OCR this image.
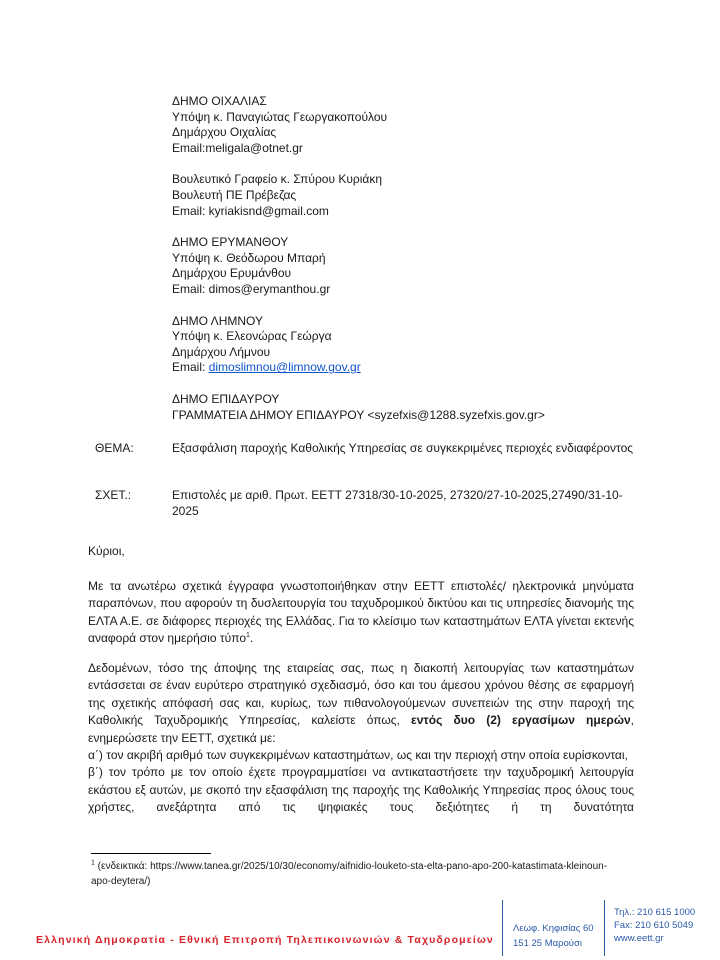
ΔΗΜΟ ΟΙΧΑΛΙΑΣ
Υπόψη κ. Παναγιώτας Γεωργακοπούλου
Δημάρχου Οιχαλίας
Email:meligala@otnet.gr
Βουλευτικό Γραφείο κ. Σπύρου Κυριάκη
Βουλευτή ΠΕ Πρέβεζας
Email: kyriakisnd@gmail.com
ΔΗΜΟ ΕΡΥΜΑΝΘΟΥ
Υπόψη κ. Θεόδωρου Μπαρή
Δημάρχου Ερυμάνθου
Email: dimos@erymanthou.gr
ΔΗΜΟ ΛΗΜΝΟΥ
Υπόψη κ. Ελεονώρας Γεώργα
Δημάρχου Λήμνου
Email: dimoslimnou@limnow.gov.gr
ΔΗΜΟ ΕΠΙΔΑΥΡΟΥ
ΓΡΑΜΜΑΤΕΙΑ ΔΗΜΟΥ ΕΠΙΔΑΥΡΟΥ <syzefxis@1288.syzefxis.gov.gr>
ΘΕΜΑ:	Εξασφάλιση παροχής Καθολικής Υπηρεσίας σε συγκεκριμένες περιοχές ενδιαφέροντος
ΣΧΕΤ.:	Επιστολές με αριθ. Πρωτ. ΕΕΤΤ 27318/30-10-2025, 27320/27-10-2025,27490/31-10-2025
Κύριοι,
Με τα ανωτέρω σχετικά έγγραφα γνωστοποιήθηκαν στην ΕΕΤΤ επιστολές/ ηλεκτρονικά μηνύματα παραπόνων, που αφορούν τη δυσλειτουργία του ταχυδρομικού δικτύου και τις υπηρεσίες διανομής της ΕΛΤΑ Α.Ε. σε διάφορες περιοχές της Ελλάδας. Για το κλείσιμο των καταστημάτων ΕΛΤΑ γίνεται εκτενής αναφορά στον ημερήσιο τύπο$^1$.
Δεδομένων, τόσο της άποψης της εταιρείας σας, πως η διακοπή λειτουργίας των καταστημάτων εντάσσεται σε έναν ευρύτερο στρατηγικό σχεδιασμό, όσο και του άμεσου χρόνου θέσης σε εφαρμογή της σχετικής απόφασή σας και, κυρίως, των πιθανολογούμενων συνεπειών της στην παροχή της Καθολικής Ταχυδρομικής Υπηρεσίας, καλείστε όπως, εντός δυο (2) εργασίμων ημερών, ενημερώσετε την ΕΕΤΤ, σχετικά με:
α΄) τον ακριβή αριθμό των συγκεκριμένων καταστημάτων, ως και την περιοχή στην οποία ευρίσκονται,
β΄) τον τρόπο με τον οποίο έχετε προγραμματίσει να αντικαταστήσετε την ταχυδρομική λειτουργία εκάστου εξ αυτών, με σκοπό την εξασφάλιση της παροχής της Καθολικής Υπηρεσίας προς όλους τους χρήστες, ανεξάρτητα από τις ψηφιακές τους δεξιότητες ή τη δυνατότητα
$^1$ (ενδεικτικά: https://www.tanea.gr/2025/10/30/economy/aifnidio-louketo-sta-elta-pano-apo-200-katastimata-kleinoun-apo-deytera/)
Ελληνική Δημοκρατία - Εθνική Επιτροπή Τηλεπικοινωνιών & Ταχυδρομείων
Λεωφ. Κηφισίας 60
151 25 Μαρούσι
Τηλ.: 210 615 1000
Fax: 210 610 5049
www.eett.gr
